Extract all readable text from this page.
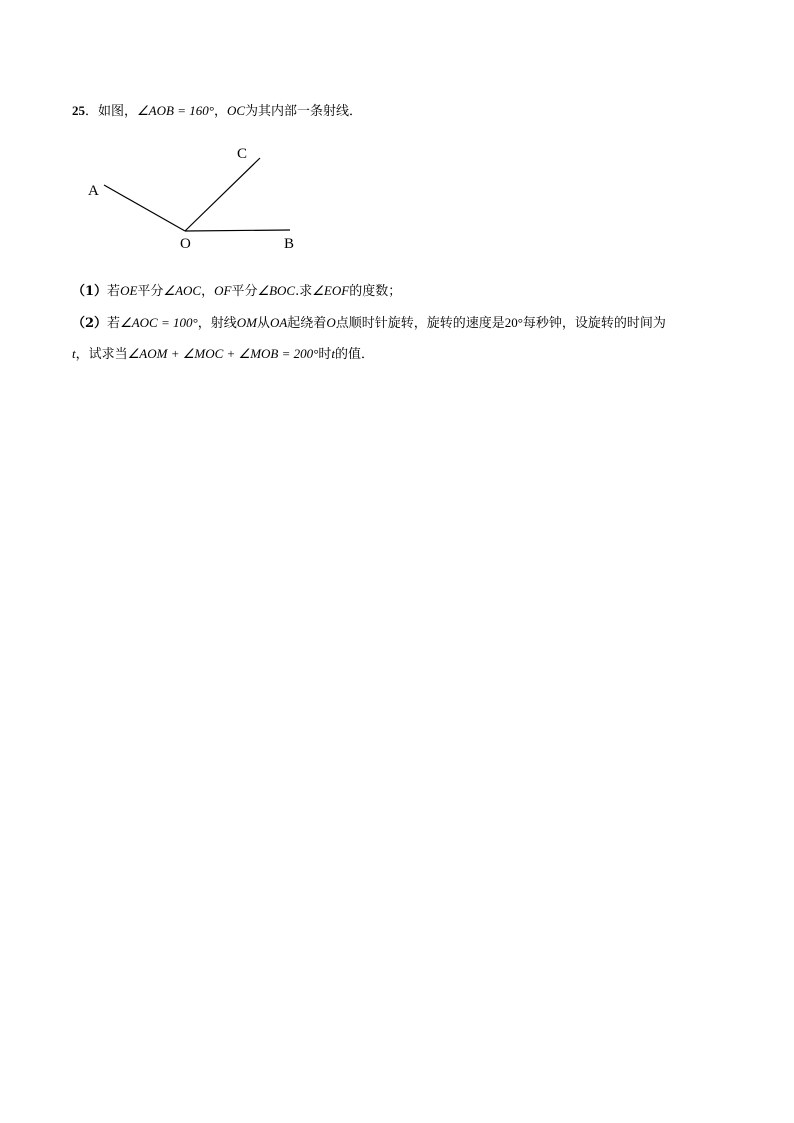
25．如图，∠AOB = 160°，OC为其内部一条射线．
A
C
O	B
（1）若OE平分∠AOC，OF平分∠BOC.求∠EOF的度数；
（2）若∠AOC = 100°，射线OM从OA起绕着O点顺时针旋转，旋转的速度是20°每秒钟，设旋转的时间为
t，试求当∠AOM + ∠MOC + ∠MOB = 200°时t的值．
